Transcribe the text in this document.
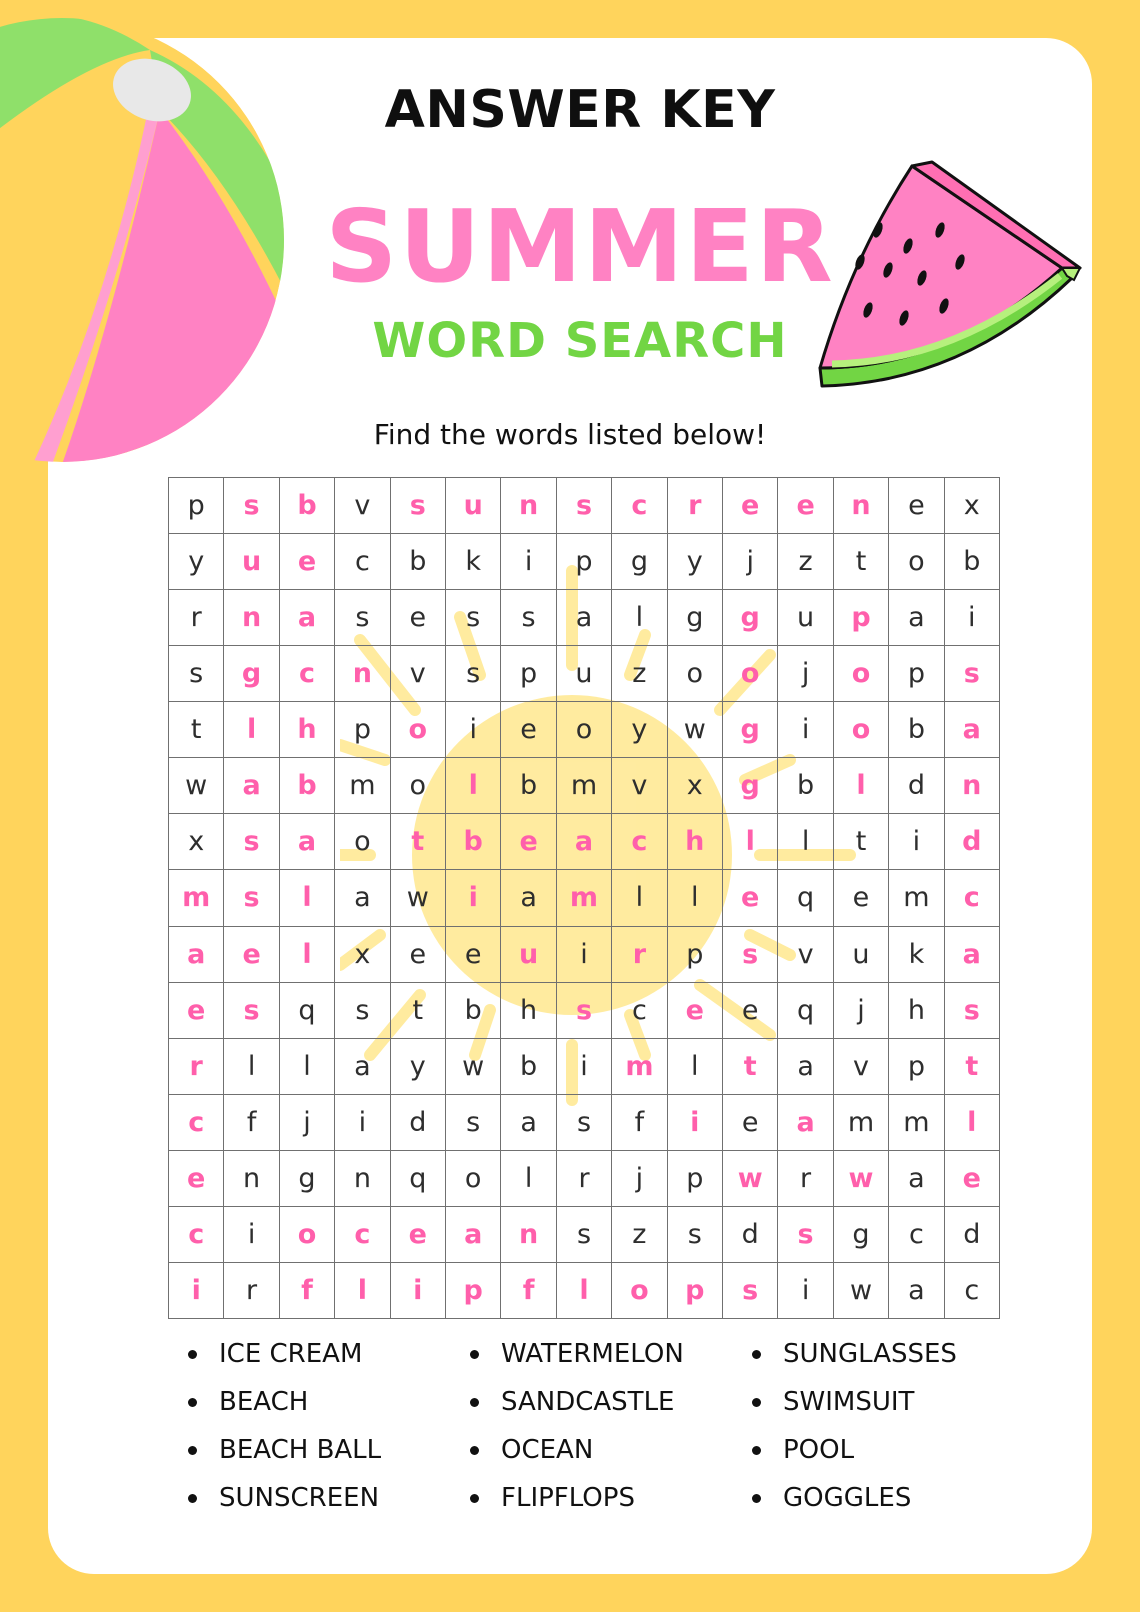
ANSWER KEY
SUMMER
WORD SEARCH

Find the words listed below!

p	s	b	v	s	u	n	s	c	r	e	e	n	e	x
y	u	e	c	b	k	i	p	g	y	j	z	t	o	b
r	n	a	s	e	s	s	a	l	g	g	u	p	a	i
s	g	c	n	v	s	p	u	z	o	o	j	o	p	s
t	l	h	p	o	i	e	o	y	w	g	i	o	b	a
w	a	b	m	o	l	b	m	v	x	g	b	l	d	n
x	s	a	o	t	b	e	a	c	h	l	l	t	i	d
m	s	l	a	w	i	a	m	l	l	e	q	e	m	c
a	e	l	x	e	e	u	i	r	p	s	v	u	k	a
e	s	q	s	t	b	h	s	c	e	e	q	j	h	s
r	l	l	a	y	w	b	i	m	l	t	a	v	p	t
c	f	j	i	d	s	a	s	f	i	e	a	m	m	l
e	n	g	n	q	o	l	r	j	p	w	r	w	a	e
c	i	o	c	e	a	n	s	z	s	d	s	g	c	d
i	r	f	l	i	p	f	l	o	p	s	i	w	a	c
ICE CREAM	WATERMELON	SUNGLASSES
BEACH	SANDCASTLE	SWIMSUIT
BEACH BALL	OCEAN	POOL
SUNSCREEN	FLIPFLOPS	GOGGLES
